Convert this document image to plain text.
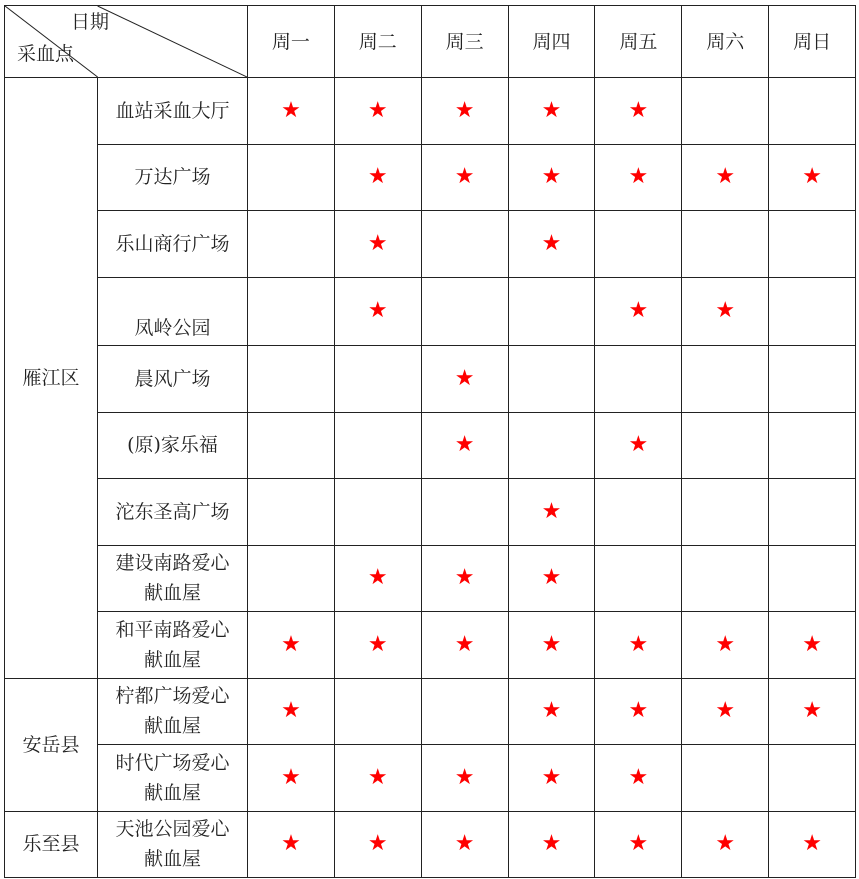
日期
采血点		周一	周二	周三	周四	周五	周六	周日
雁江区	血站采血大厅	★	★	★	★	★		

	万达广场		★	★	★	★	★	★

	乐山商行广场		★		★			

	凤岭公园		★			★	★	

	晨风广场			★				

	(原)家乐福			★		★		

	沱东圣高广场				★			

	建设南路爱心
献血屋		★	★	★			

	和平南路爱心
献血屋	★	★	★	★	★	★	★
安岳县	柠都广场爱心
献血屋	★			★	★	★	★

	时代广场爱心
献血屋	★	★	★	★	★		
乐至县	天池公园爱心
献血屋	★	★	★	★	★	★	★
